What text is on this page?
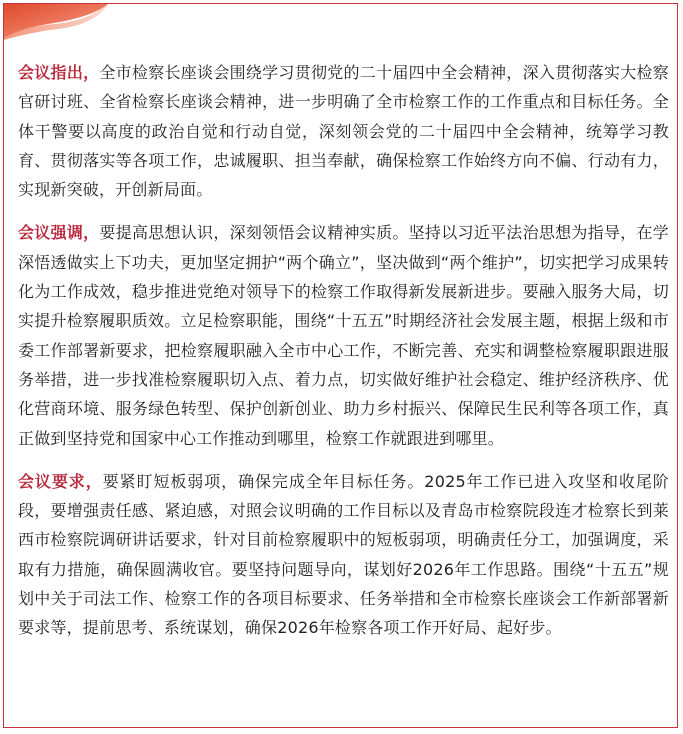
会议指出，全市检察长座谈会围绕学习贯彻党的二十届四中全会精神，深入贯彻落实大检察官研讨班、全省检察长座谈会精神，进一步明确了全市检察工作的工作重点和目标任务。全体干警要以高度的政治自觉和行动自觉，深刻领会党的二十届四中全会精神，统筹学习教育、贯彻落实等各项工作，忠诚履职、担当奉献，确保检察工作始终方向不偏、行动有力，实现新突破，开创新局面。

会议强调，要提高思想认识，深刻领悟会议精神实质。坚持以习近平法治思想为指导，在学深悟透做实上下功夫，更加坚定拥护“两个确立”，坚决做到“两个维护”，切实把学习成果转化为工作成效，稳步推进党绝对领导下的检察工作取得新发展新进步。要融入服务大局，切实提升检察履职质效。立足检察职能，围绕“十五五”时期经济社会发展主题，根据上级和市委工作部署新要求，把检察履职融入全市中心工作，不断完善、充实和调整检察履职跟进服务举措，进一步找准检察履职切入点、着力点，切实做好维护社会稳定、维护经济秩序、优化营商环境、服务绿色转型、保护创新创业、助力乡村振兴、保障民生民利等各项工作，真正做到坚持党和国家中心工作推动到哪里，检察工作就跟进到哪里。

会议要求，要紧盯短板弱项，确保完成全年目标任务。2025年工作已进入攻坚和收尾阶段，要增强责任感、紧迫感，对照会议明确的工作目标以及青岛市检察院段连才检察长到莱西市检察院调研讲话要求，针对目前检察履职中的短板弱项，明确责任分工，加强调度，采取有力措施，确保圆满收官。要坚持问题导向，谋划好2026年工作思路。围绕“十五五”规划中关于司法工作、检察工作的各项目标要求、任务举措和全市检察长座谈会工作新部署新要求等，提前思考、系统谋划，确保2026年检察各项工作开好局、起好步。
